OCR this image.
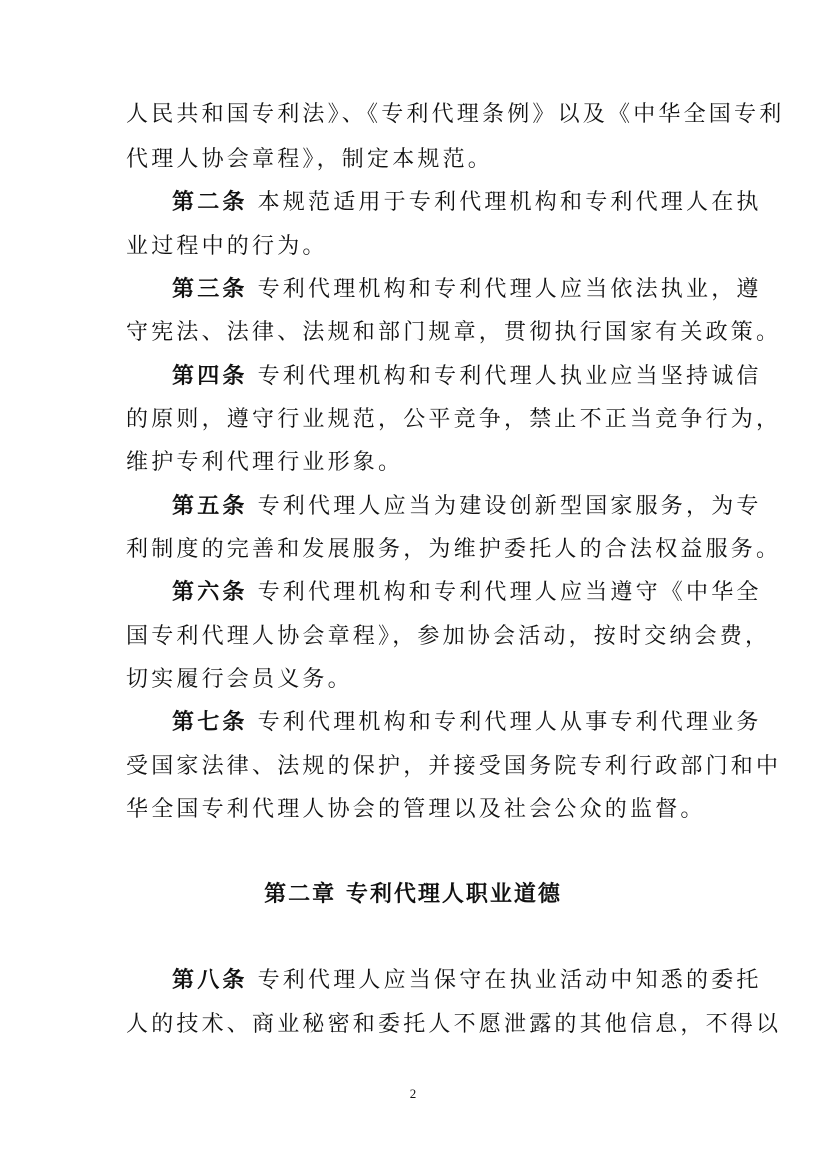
人民共和国专利法》、《专利代理条例》以及《中华全国专利
代理人协会章程》，制定本规范。
第二条 本规范适用于专利代理机构和专利代理人在执
业过程中的行为。
第三条 专利代理机构和专利代理人应当依法执业，遵
守宪法、法律、法规和部门规章，贯彻执行国家有关政策。
第四条 专利代理机构和专利代理人执业应当坚持诚信
的原则，遵守行业规范，公平竞争，禁止不正当竞争行为，
维护专利代理行业形象。
第五条 专利代理人应当为建设创新型国家服务，为专
利制度的完善和发展服务，为维护委托人的合法权益服务。
第六条 专利代理机构和专利代理人应当遵守《中华全
国专利代理人协会章程》，参加协会活动，按时交纳会费，
切实履行会员义务。
第七条 专利代理机构和专利代理人从事专利代理业务
受国家法律、法规的保护，并接受国务院专利行政部门和中
华全国专利代理人协会的管理以及社会公众的监督。
第二章 专利代理人职业道德
第八条 专利代理人应当保守在执业活动中知悉的委托
人的技术、商业秘密和委托人不愿泄露的其他信息，不得以
2
